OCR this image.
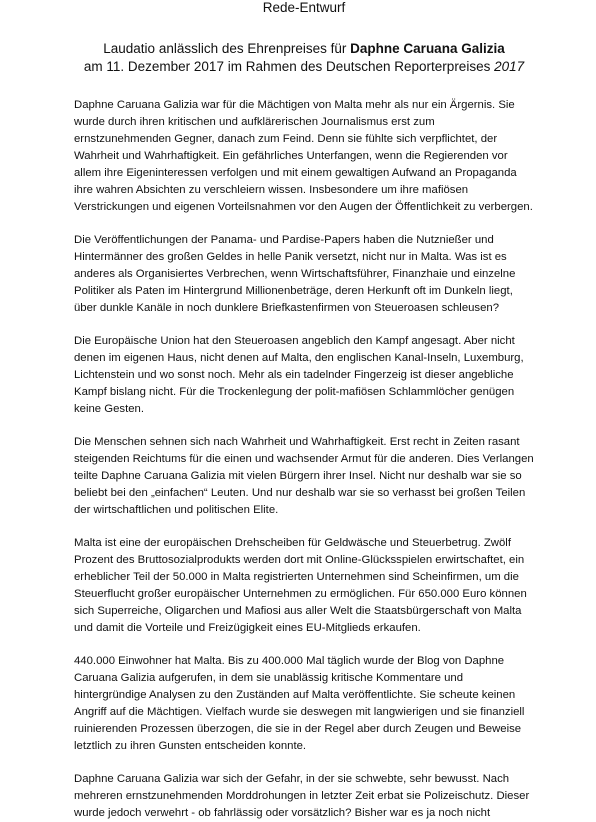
Rede-Entwurf

Laudatio anlässlich des Ehrenpreises für Daphne Caruana Galizia
am 11. Dezember 2017 im Rahmen des Deutschen Reporterpreises 2017

Daphne Caruana Galizia war für die Mächtigen von Malta mehr als nur ein Ärgernis. Sie wurde durch ihren kritischen und aufklärerischen Journalismus erst zum ernstzunehmenden Gegner, danach zum Feind. Denn sie fühlte sich verpflichtet, der Wahrheit und Wahrhaftigkeit. Ein gefährliches Unterfangen, wenn die Regierenden vor allem ihre Eigeninteressen verfolgen und mit einem gewaltigen Aufwand an Propaganda ihre wahren Absichten zu verschleiern wissen. Insbesondere um ihre mafiösen Verstrickungen und eigenen Vorteilsnahmen vor den Augen der Öffentlichkeit zu verbergen.

Die Veröffentlichungen der Panama- und Pardise-Papers haben die Nutznießer und Hintermänner des großen Geldes in helle Panik versetzt, nicht nur in Malta. Was ist es anderes als Organisiertes Verbrechen, wenn Wirtschaftsführer, Finanzhaie und einzelne Politiker als Paten im Hintergrund Millionenbeträge, deren Herkunft oft im Dunkeln liegt, über dunkle Kanäle in noch dunklere Briefkastenfirmen von Steueroasen schleusen?

Die Europäische Union hat den Steueroasen angeblich den Kampf angesagt. Aber nicht denen im eigenen Haus, nicht denen auf Malta, den englischen Kanal-Inseln, Luxemburg, Lichtenstein und wo sonst noch. Mehr als ein tadelnder Fingerzeig ist dieser angebliche Kampf bislang nicht. Für die Trockenlegung der polit-mafiösen Schlammlöcher genügen keine Gesten.

Die Menschen sehnen sich nach Wahrheit und Wahrhaftigkeit. Erst recht in Zeiten rasant steigenden Reichtums für die einen und wachsender Armut für die anderen. Dies Verlangen teilte Daphne Caruana Galizia mit vielen Bürgern ihrer Insel. Nicht nur deshalb war sie so beliebt bei den „einfachen“ Leuten. Und nur deshalb war sie so verhasst bei großen Teilen der wirtschaftlichen und politischen Elite.

Malta ist eine der europäischen Drehscheiben für Geldwäsche und Steuerbetrug. Zwölf Prozent des Bruttosozialprodukts werden dort mit Online-Glücksspielen erwirtschaftet, ein erheblicher Teil der 50.000 in Malta registrierten Unternehmen sind Scheinfirmen, um die Steuerflucht großer europäischer Unternehmen zu ermöglichen. Für 650.000 Euro können sich Superreiche, Oligarchen und Mafiosi aus aller Welt die Staatsbürgerschaft von Malta und damit die Vorteile und Freizügigkeit eines EU-Mitglieds erkaufen.

440.000 Einwohner hat Malta. Bis zu 400.000 Mal täglich wurde der Blog von Daphne Caruana Galizia aufgerufen, in dem sie unablässig kritische Kommentare und hintergründige Analysen zu den Zuständen auf Malta veröffentlichte. Sie scheute keinen Angriff auf die Mächtigen. Vielfach wurde sie deswegen mit langwierigen und sie finanziell ruinierenden Prozessen überzogen, die sie in der Regel aber durch Zeugen und Beweise letztlich zu ihren Gunsten entscheiden konnte.

Daphne Caruana Galizia war sich der Gefahr, in der sie schwebte, sehr bewusst. Nach mehreren ernstzunehmenden Morddrohungen in letzter Zeit erbat sie Polizeischutz. Dieser wurde jedoch verwehrt - ob fahrlässig oder vorsätzlich? Bisher war es ja noch nicht
